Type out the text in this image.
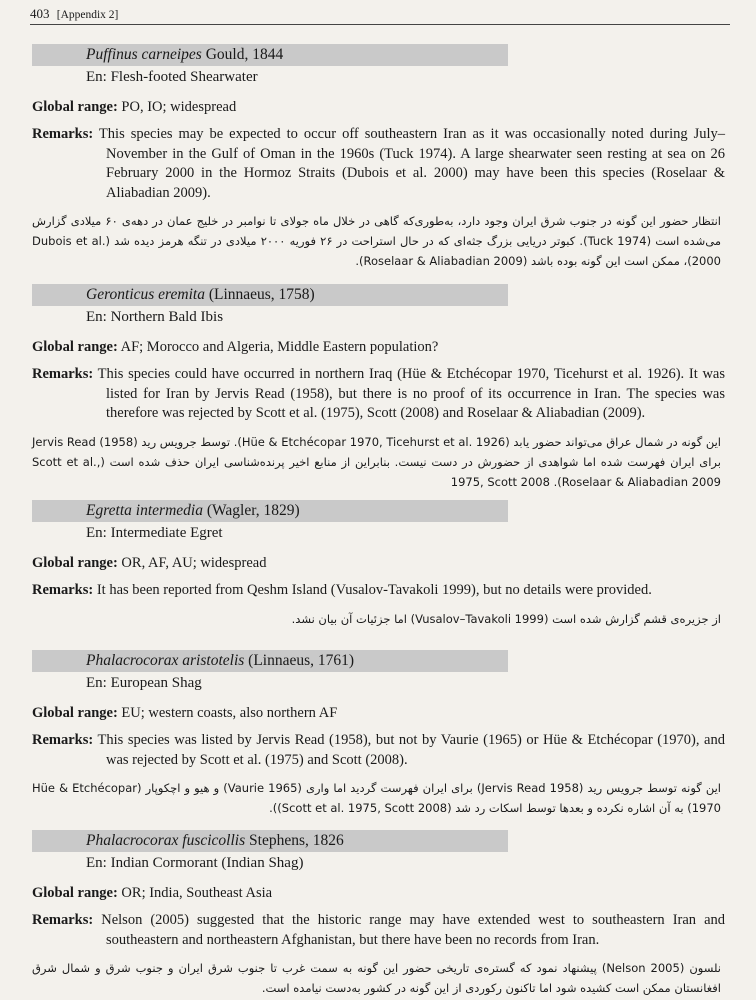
403 [Appendix 2]
Puffinus carneipes Gould, 1844
En: Flesh-footed Shearwater
Global range: PO, IO; widespread
Remarks: This species may be expected to occur off southeastern Iran as it was occasionally noted during July–November in the Gulf of Oman in the 1960s (Tuck 1974). A large shearwater seen resting at sea on 26 February 2000 in the Hormoz Straits (Dubois et al. 2000) may have been this species (Roselaar & Aliabadian 2009).
انتظار حضور این گونه در جنوب شرق ایران وجود دارد، به‌طوری‌که گاهی در خلال ماه جولای تا نوامبر در خلیج عمان در دهه‌ی ۶۰ میلادی گزارش می‌شده است (Tuck 1974). کبوتر دریایی بزرگ جثه‌ای که در حال استراحت در ۲۶ فوریه ۲۰۰۰ میلادی در تنگه هرمز دیده شد (Dubois et al. 2000)، ممکن است این گونه بوده باشد (Roselaar & Aliabadian 2009).
Geronticus eremita (Linnaeus, 1758)
En: Northern Bald Ibis
Global range: AF; Morocco and Algeria, Middle Eastern population?
Remarks: This species could have occurred in northern Iraq (Hüe & Etchécopar 1970, Ticehurst et al. 1926). It was listed for Iran by Jervis Read (1958), but there is no proof of its occurrence in Iran. The species was therefore was rejected by Scott et al. (1975), Scott (2008) and Roselaar & Aliabadian (2009).
این گونه در شمال عراق می‌تواند حضور یابد (Hüe & Etchécopar 1970, Ticehurst et al. 1926). توسط جرویس رید (Jervis Read (1958 برای ایران فهرست شده اما شواهدی از حضورش در دست نیست. بنابراین از منابع اخیر پرنده‌شناسی ایران حذف شده است (,Scott et al. 1975, Scott 2008 .(Roselaar & Aliabadian 2009
Egretta intermedia (Wagler, 1829)
En: Intermediate Egret
Global range: OR, AF, AU; widespread
Remarks: It has been reported from Qeshm Island (Vusalov-Tavakoli 1999), but no details were provided.
از جزیره‌ی قشم گزارش شده است (Vusalov–Tavakoli 1999) اما جزئیات آن بیان نشد.
Phalacrocorax aristotelis (Linnaeus, 1761)
En: European Shag
Global range: EU; western coasts, also northern AF
Remarks: This species was listed by Jervis Read (1958), but not by Vaurie (1965) or Hüe & Etchécopar (1970), and was rejected by Scott et al. (1975) and Scott (2008).
این گونه توسط جرویس رید (Jervis Read 1958) برای ایران فهرست گردید اما واری (Vaurie 1965) و هیو و اچکوپار (Hüe & Etchécopar 1970) به آن اشاره نکرده و بعدها توسط اسکات رد شد (Scott et al. 1975, Scott 2008)).
Phalacrocorax fuscicollis Stephens, 1826
En: Indian Cormorant (Indian Shag)
Global range: OR; India, Southeast Asia
Remarks: Nelson (2005) suggested that the historic range may have extended west to southeastern Iran and southeastern and northeastern Afghanistan, but there have been no records from Iran.
نلسون (Nelson 2005) پیشنهاد نمود که گستره‌ی تاریخی حضور این گونه به سمت غرب تا جنوب شرق ایران و جنوب شرق و شمال شرق افغانستان ممکن است کشیده شود اما تاکنون رکوردی از این گونه در کشور به‌دست نیامده است.
